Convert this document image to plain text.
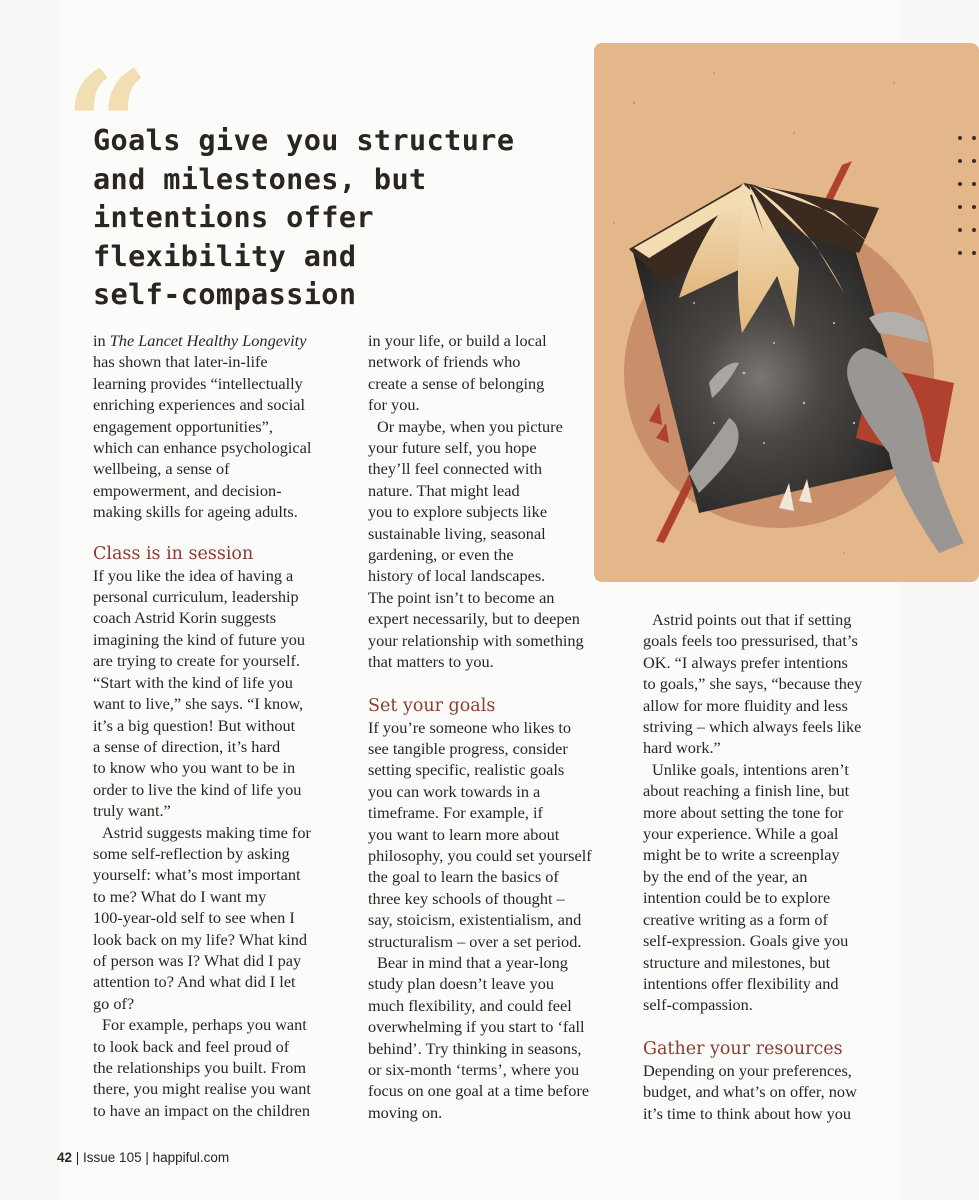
“
Goals give you structure
and milestones, but
intentions offer
flexibility and
self-compassion

in The Lancet Healthy Longevity

has shown that later-in-life

learning provides “intellectually

enriching experiences and social

engagement opportunities”,

which can enhance psychological

wellbeing, a sense of

empowerment, and decision-

making skills for ageing adults.

Class is in session

If you like the idea of having a

personal curriculum, leadership

coach Astrid Korin suggests

imagining the kind of future you

are trying to create for yourself.

“Start with the kind of life you

want to live,” she says. “I know,

it’s a big question! But without

a sense of direction, it’s hard

to know who you want to be in

order to live the kind of life you

truly want.”

Astrid suggests making time for

some self-reflection by asking

yourself: what’s most important

to me? What do I want my

100-year-old self to see when I

look back on my life? What kind

of person was I? What did I pay

attention to? And what did I let

go of?

For example, perhaps you want

to look back and feel proud of

the relationships you built. From

there, you might realise you want

to have an impact on the children

in your life, or build a local

network of friends who

create a sense of belonging

for you.

Or maybe, when you picture

your future self, you hope

they’ll feel connected with

nature. That might lead

you to explore subjects like

sustainable living, seasonal

gardening, or even the

history of local landscapes.

The point isn’t to become an

expert necessarily, but to deepen

your relationship with something

that matters to you.

Set your goals

If you’re someone who likes to

see tangible progress, consider

setting specific, realistic goals

you can work towards in a

timeframe. For example, if

you want to learn more about

philosophy, you could set yourself

the goal to learn the basics of

three key schools of thought –

say, stoicism, existentialism, and

structuralism – over a set period.

Bear in mind that a year-long

study plan doesn’t leave you

much flexibility, and could feel

overwhelming if you start to ‘fall

behind’. Try thinking in seasons,

or six-month ‘terms’, where you

focus on one goal at a time before

moving on.

Astrid points out that if setting

goals feels too pressurised, that’s

OK. “I always prefer intentions

to goals,” she says, “because they

allow for more fluidity and less

striving – which always feels like

hard work.”

Unlike goals, intentions aren’t

about reaching a finish line, but

more about setting the tone for

your experience. While a goal

might be to write a screenplay

by the end of the year, an

intention could be to explore

creative writing as a form of

self-expression. Goals give you

structure and milestones, but

intentions offer flexibility and

self-compassion.

Gather your resources

Depending on your preferences,

budget, and what’s on offer, now

it’s time to think about how you

42 | Issue 105 | happiful.com
